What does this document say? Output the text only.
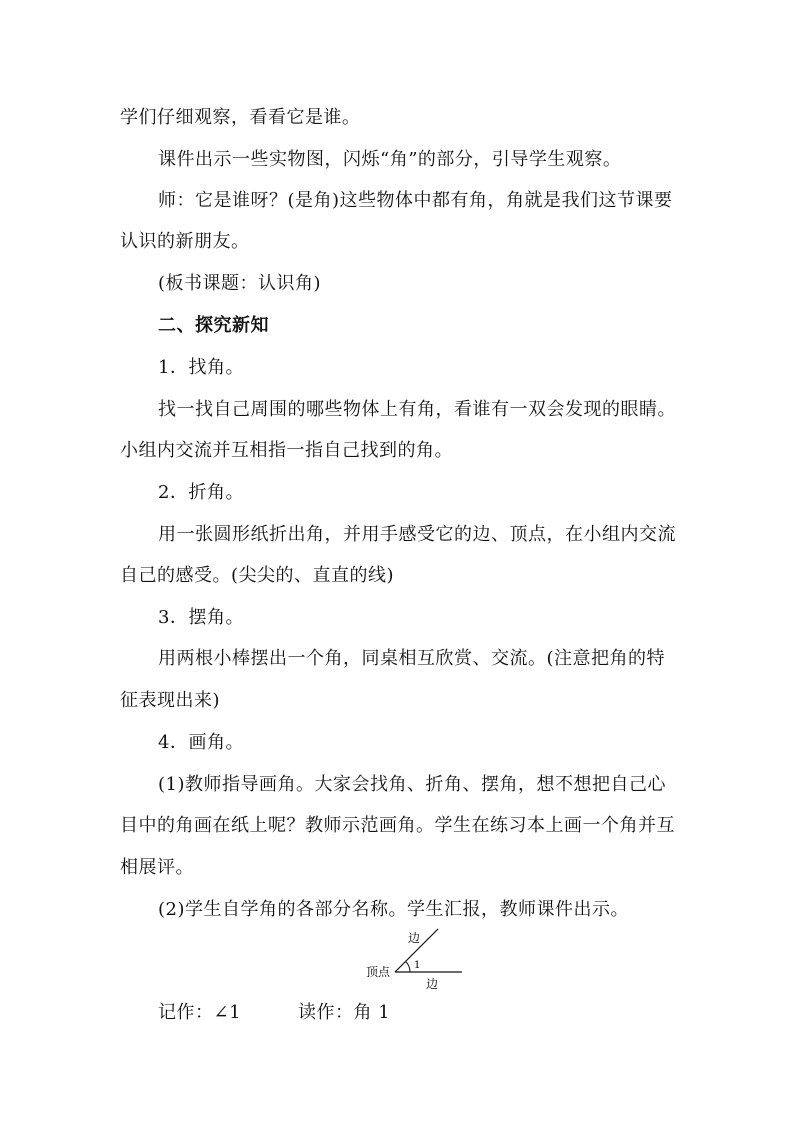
学们仔细观察，看看它是谁。
课件出示一些实物图，闪烁“角”的部分，引导学生观察。
师：它是谁呀？(是角)这些物体中都有角，角就是我们这节课要
认识的新朋友。
(板书课题：认识角)
二、探究新知
1．找角。
找一找自己周围的哪些物体上有角，看谁有一双会发现的眼睛。
小组内交流并互相指一指自己找到的角。
2．折角。
用一张圆形纸折出角，并用手感受它的边、顶点，在小组内交流
自己的感受。(尖尖的、直直的线)
3．摆角。
用两根小棒摆出一个角，同桌相互欣赏、交流。(注意把角的特
征表现出来)
4．画角。
(1)教师指导画角。大家会找角、折角、摆角，想不想把自己心
目中的角画在纸上呢？教师示范画角。学生在练习本上画一个角并互
相展评。
(2)学生自学角的各部分名称。学生汇报，教师课件出示。
边
1
顶点
边
记作：∠1	读作：角 1
